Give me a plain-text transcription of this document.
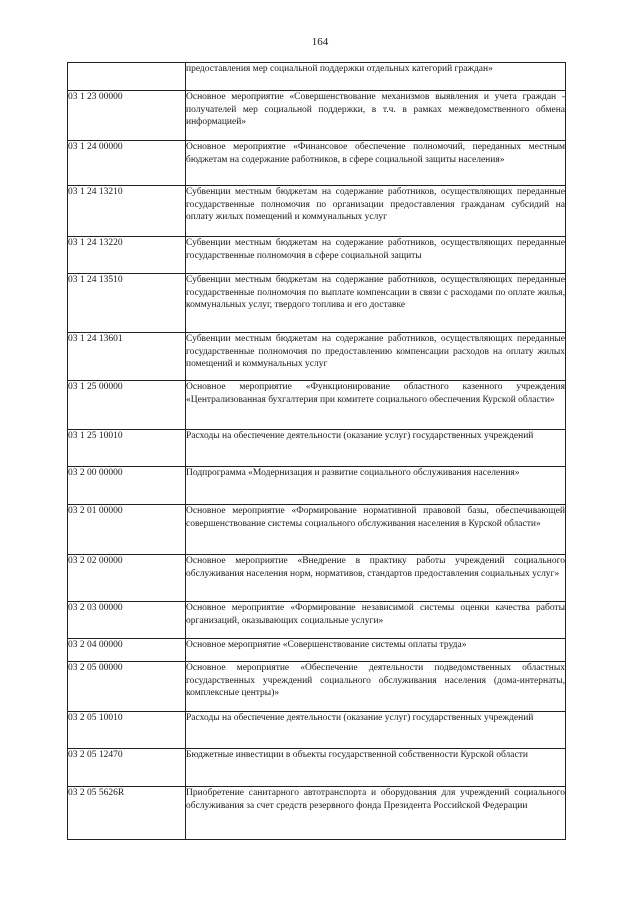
164
	предоставления мер социальной поддержки отдельных категорий граждан»
03 1 23 00000	Основное мероприятие «Совершенствование механизмов выявления и учета граждан - получателей мер социальной поддержки, в т.ч. в рамках межведомственного обмена информацией»
03 1 24 00000	Основное мероприятие «Финансовое обеспечение полномочий, переданных местным бюджетам на содержание работников, в сфере социальной защиты населения»
03 1 24 13210	Субвенции местным бюджетам на содержание работников, осуществляющих переданные государственные полномочия по организации предоставления гражданам субсидий на оплату жилых помещений и коммунальных услуг
03 1 24 13220	Субвенции местным бюджетам на содержание работников, осуществляющих переданные государственные полномочия в сфере социальной защиты
03 1 24 13510	Субвенции местным бюджетам на содержание работников, осуществляющих переданные государственные полномочия по выплате компенсации в связи с расходами по оплате жилья, коммунальных услуг, твердого топлива и его доставке
03 1 24 13601	Субвенции местным бюджетам на содержание работников, осуществляющих переданные государственные полномочия по предоставлению компенсации расходов на оплату жилых помещений и коммунальных услуг
03 1 25 00000	Основное мероприятие «Функционирование областного казенного учреждения «Централизованная бухгалтерия при комитете социального обеспечения Курской области»
03 1 25 10010	Расходы на обеспечение деятельности (оказание услуг) государственных учреждений
03 2 00 00000	Подпрограмма «Модернизация и развитие социального обслуживания населения»
03 2 01 00000	Основное мероприятие «Формирование нормативной правовой базы, обеспечивающей совершенствование системы социального обслуживания населения в Курской области»
03 2 02 00000	Основное мероприятие «Внедрение в практику работы учреждений социального обслуживания населения норм, нормативов, стандартов предоставления социальных услуг»
03 2 03 00000	Основное мероприятие «Формирование независимой системы оценки качества работы организаций, оказывающих социальные услуги»
03 2 04 00000	Основное мероприятие «Совершенствование системы оплаты труда»
03 2 05 00000	Основное мероприятие «Обеспечение деятельности подведомственных областных государственных учреждений социального обслуживания населения (дома-интернаты, комплексные центры)»
03 2 05 10010	Расходы на обеспечение деятельности (оказание услуг) государственных учреждений
03 2 05 12470	Бюджетные инвестиции в объекты государственной собственности Курской области
03 2 05 5626R	Приобретение санитарного автотранспорта и оборудования для учреждений социального обслуживания за счет средств резервного фонда Президента Российской Федерации
